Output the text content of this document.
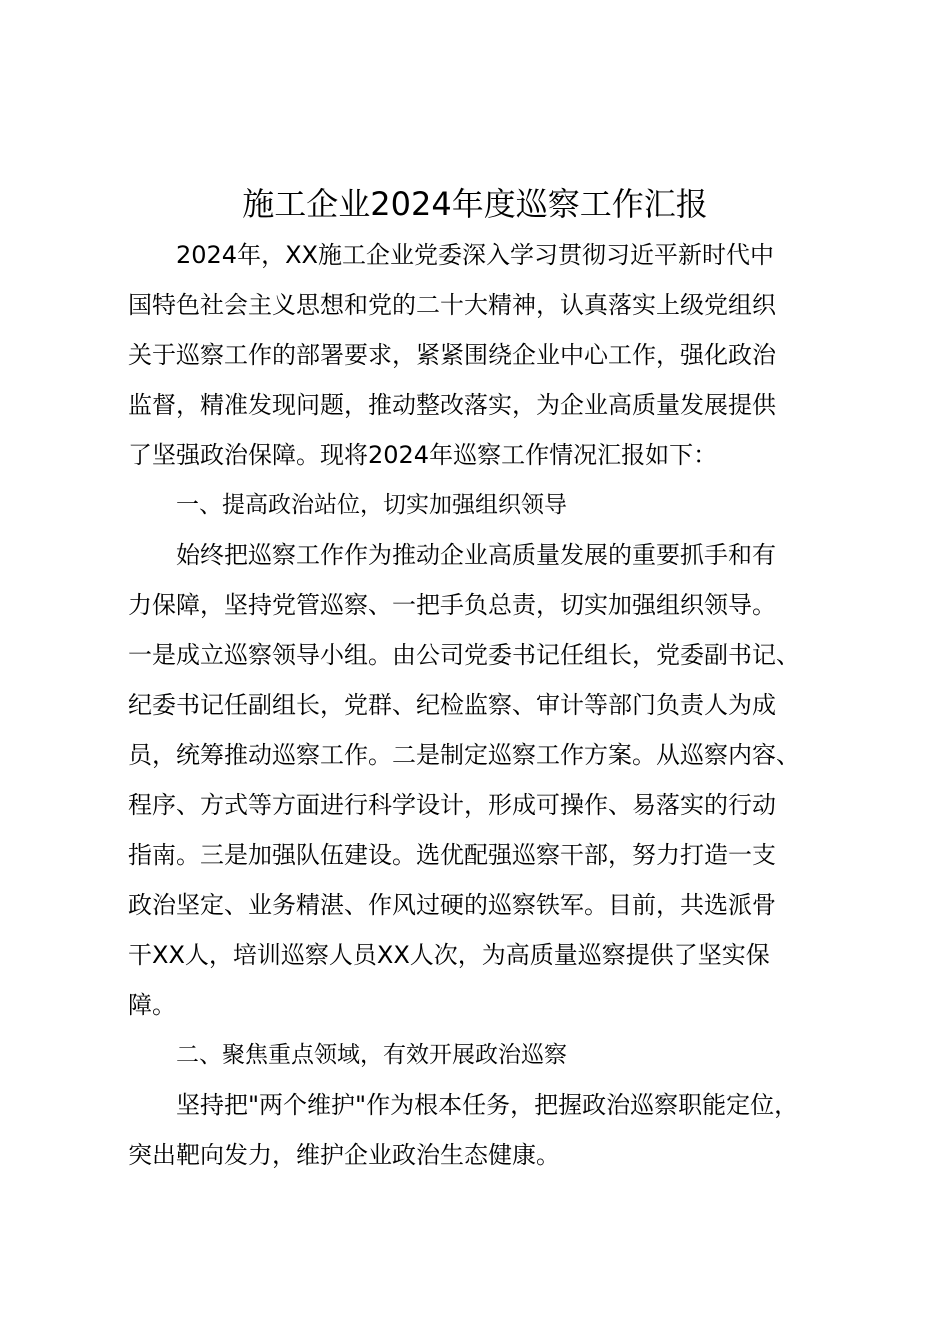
施工企业2024年度巡察工作汇报
2024年，XX施工企业党委深入学习贯彻习近平新时代中
国特色社会主义思想和党的二十大精神，认真落实上级党组织
关于巡察工作的部署要求，紧紧围绕企业中心工作，强化政治
监督，精准发现问题，推动整改落实，为企业高质量发展提供
了坚强政治保障。现将2024年巡察工作情况汇报如下：
一、提高政治站位，切实加强组织领导
始终把巡察工作作为推动企业高质量发展的重要抓手和有
力保障，坚持党管巡察、一把手负总责，切实加强组织领导。
一是成立巡察领导小组。由公司党委书记任组长，党委副书记、
纪委书记任副组长，党群、纪检监察、审计等部门负责人为成
员，统筹推动巡察工作。二是制定巡察工作方案。从巡察内容、
程序、方式等方面进行科学设计，形成可操作、易落实的行动
指南。三是加强队伍建设。选优配强巡察干部，努力打造一支
政治坚定、业务精湛、作风过硬的巡察铁军。目前，共选派骨
干XX人，培训巡察人员XX人次，为高质量巡察提供了坚实保
障。
二、聚焦重点领域，有效开展政治巡察
坚持把"两个维护"作为根本任务，把握政治巡察职能定位，
突出靶向发力，维护企业政治生态健康。
